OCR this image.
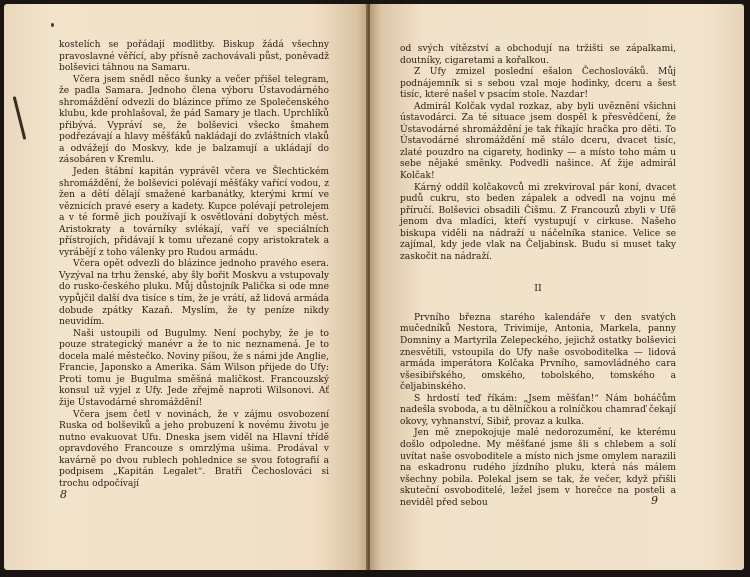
kostelích se pořádají modlitby. Biskup žádá všechny pravoslavné věřící, aby přísně zachovávali půst, poněvadž bolševici táhnou na Samaru.

Včera jsem snědl něco šunky a večer přišel telegram, že padla Samara. Jednoho člena výboru Ústavodárného shromáždění odvezli do blázince přímo ze Společenského klubu, kde prohlašoval, že pád Samary je tlach. Uprchlíků přibývá. Vypráví se, že bolševici všecko šmahem podřezávají a hlavy měšťáků nakládají do zvláštních vlaků a odvážejí do Moskvy, kde je balzamují a ukládají do zásobáren v Kremlu.

Jeden štábní kapitán vyprávěl včera ve Šlechtickém shromáždění, že bolševici polévají měšťáky vařící vodou, z žen a dětí dělají smažené karbanátky, kterými krmí ve věznicích pravé esery a kadety. Kupce polévají petrolejem a v té formě jich používají k osvětlování dobytých měst. Aristokraty a továrníky svlékají, vaří ve speciálních přístrojích, přidávají k tomu uřezané copy aristokratek a vyrábějí z toho válenky pro Rudou armádu.

Včera opět odvezli do blázince jednoho pravého esera. Vyzýval na trhu ženské, aby šly bořit Moskvu a vstupovaly do rusko-českého pluku. Můj důstojník Palička si ode mne vypůjčil další dva tisíce s tím, že je vrátí, až lidová armáda dobude zpátky Kazaň. Myslím, že ty peníze nikdy neuvidím.

Naši ustoupili od Bugulmy. Není pochyby, že je to pouze strategický manévr a že to nic neznamená. Je to docela malé městečko. Noviny píšou, že s námi jde Anglie, Francie, Japonsko a Amerika. Sám Wilson přijede do Ufy: Proti tomu je Bugulma směšná maličkost. Francouzský konsul už vyjel z Ufy. Jede zřejmě naproti Wilsonovi. Ať žije Ústavodárné shromáždění!

Včera jsem četl v novinách, že v zájmu osvobození Ruska od bolševiků a jeho probuzení k novému životu je nutno evakuovat Ufu. Dneska jsem viděl na Hlavní třídě opravdového Francouze s omrzlýma ušima. Prodával v kavárně po dvou rublech pohlednice se svou fotografií a podpisem „Kapitán Legalet“. Bratři Čechoslováci si trochu odpočívají

8

od svých vítězství a obchodují na tržišti se zápalkami, doutníky, cigaretami a kořalkou.

Z Ufy zmizel poslední ešalon Čechoslováků. Můj podnájemník si s sebou vzal moje hodinky, dceru a šest tisíc, které našel v psacím stole. Nazdar!

Admirál Kolčak vydal rozkaz, aby byli uvěznění všichni ústavodárci. Za té situace jsem dospěl k přesvědčení, že Ústavodárné shromáždění je tak říkajíc hračka pro děti. To Ústavodárné shromáždění mě stálo dceru, dvacet tisíc, zlaté pouzdro na cigarety, hodinky — a místo toho mám u sebe nějaké směnky. Podvedli našince. Ať žije admirál Kolčak!

Kárný oddíl kolčakovců mi zrekviroval pár koní, dvacet pudů cukru, sto beden zápalek a odvedl na vojnu mé příručí. Bolševici obsadili Čišmu. Z Francouzů zbyli v Ufě jenom dva mladíci, kteří vystupují v cirkuse. Našeho biskupa viděli na nádraží u náčelníka stanice. Velice se zajímal, kdy jede vlak na Čeljabinsk. Budu si muset taky zaskočit na nádraží.

II

Prvního března starého kalendáře v den svatých mučedníků Nestora, Trivimije, Antonia, Markela, panny Domniny a Martyrila Zelepeckého, jejichž ostatky bolševici znesvětili, vstoupila do Ufy naše osvoboditelka — lidová armáda imperátora Kolčaka Prvního, samovládného cara všesibiřského, omského, tobolského, tomského a čeljabinského.

S hrdostí teď říkám: „Jsem měšťan!“ Nám boháčům nadešla svoboda, a tu dělníčkou a rolníčkou chamraď čekají okovy, vyhnanství, Sibiř, provaz a kulka.

Jen mě znepokojuje malé nedorozumění, ke kterému došlo odpoledne. My měšťané jsme šli s chlebem a solí uvítat naše osvoboditele a místo nich jsme omylem narazili na eskadronu rudého jízdního pluku, která nás málem všechny pobila. Polekal jsem se tak, že večer, když přišli skuteční osvoboditelé, ležel jsem v horečce na posteli a neviděl před sebou	9
